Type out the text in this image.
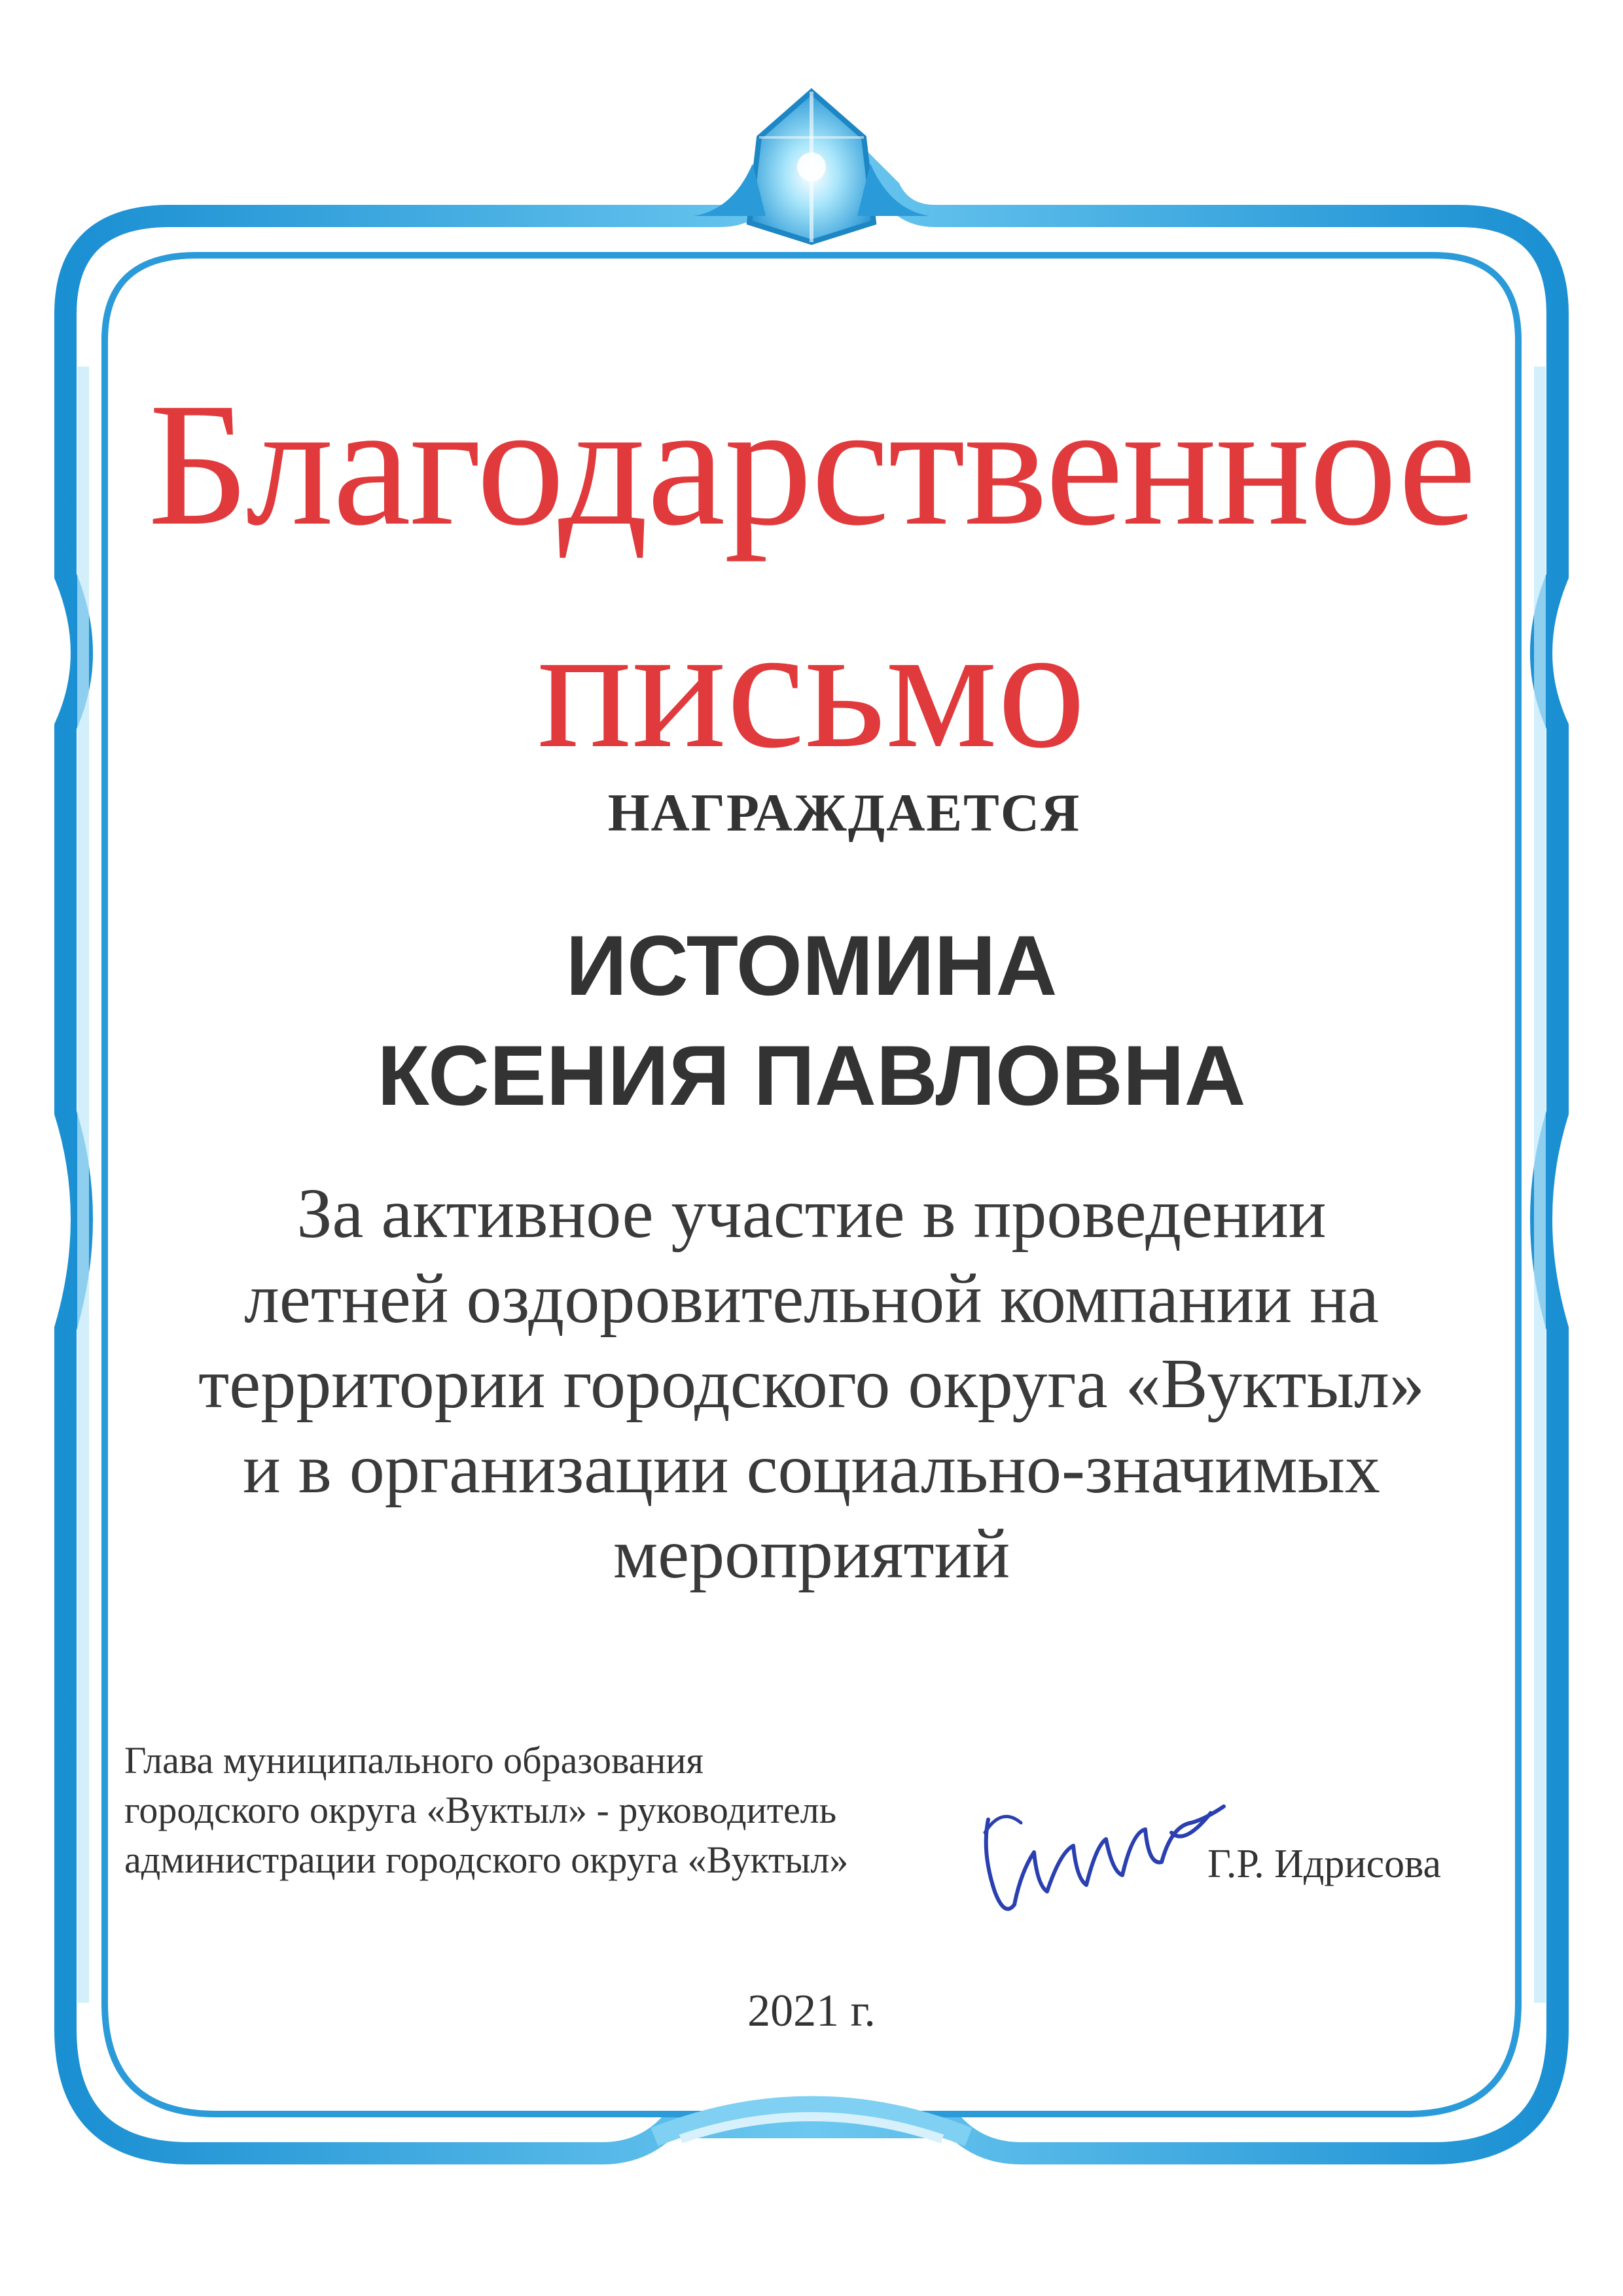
Благодарственное
письмо
НАГРАЖДАЕТСЯ
ИСТОМИНА
КСЕНИЯ ПАВЛОВНА
За активное участие в проведении
летней оздоровительной компании на
территории городского округа «Вуктыл»
и в организации социально-значимых
мероприятий
Глава муниципального образования
городского округа «Вуктыл» - руководитель
администрации городского округа «Вуктыл»	Г.Р. Идрисова
2021 г.
